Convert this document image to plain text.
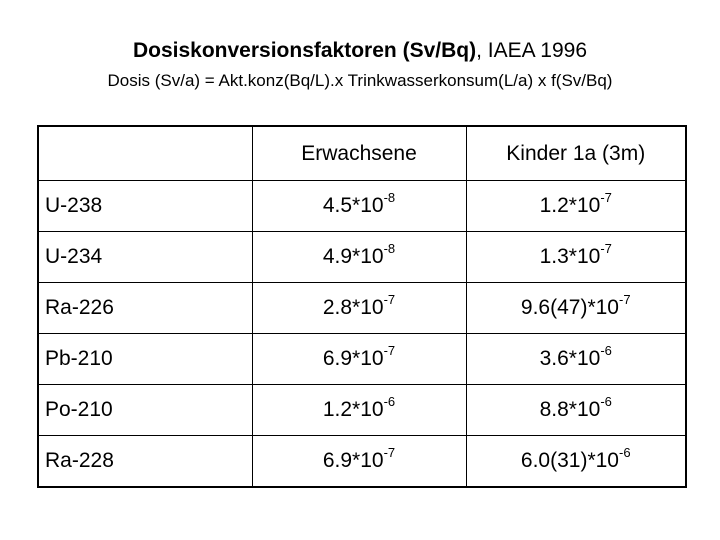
Dosiskonversionsfaktoren (Sv/Bq), IAEA 1996
Dosis (Sv/a) = Akt.konz(Bq/L).x Trinkwasserkonsum(L/a) x f(Sv/Bq)
	Erwachsene	Kinder 1a (3m)
U-238	$4.5*10^{-8}$	$1.2*10^{-7}$
U-234	$4.9*10^{-8}$	$1.3*10^{-7}$
Ra-226	$2.8*10^{-7}$	$9.6(47)*10^{-7}$
Pb-210	$6.9*10^{-7}$	$3.6*10^{-6}$
Po-210	$1.2*10^{-6}$	$8.8*10^{-6}$
Ra-228	$6.9*10^{-7}$	$6.0(31)*10^{-6}$
